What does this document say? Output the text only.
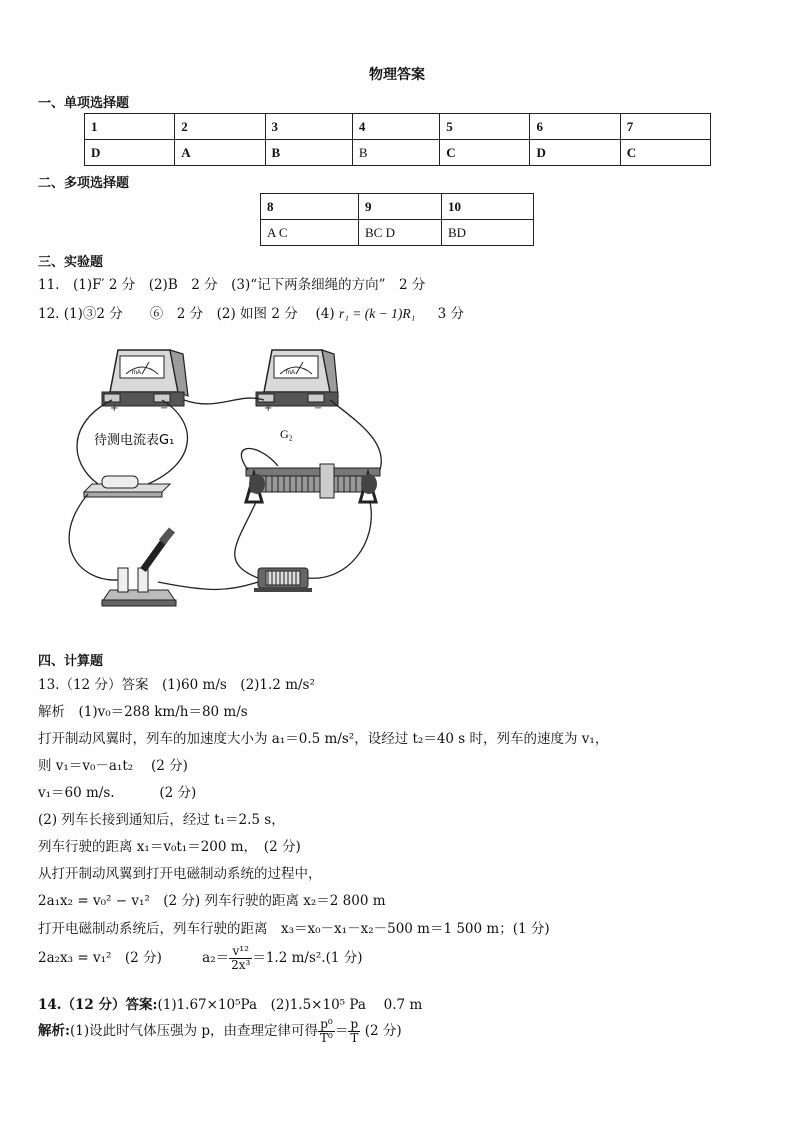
物理答案
一、单项选择题
1	2	3	4	5	6	7
D	A	B	B	C	D	C
二、多项选择题
8	9	10
A C	BC D	BD
三、实验题
11.　(1)F′ 2 分　(2)B　2 分　(3)“记下两条细绳的方向”　2 分
12. (1)③2 分　　⑥　2 分　(2) 如图 2 分　 (4) r₁ = (k − 1)R₁ 3 分
mA
+	−
mA
+	−
待测电流表G₁	G₂
四、计算题
13.（12 分）答案　(1)60 m/s　(2)1.2 m/s²
解析　(1)v₀＝288 km/h＝80 m/s
打开制动风翼时，列车的加速度大小为 a₁＝0.5 m/s²，设经过 t₂＝40 s 时，列车的速度为 v₁，
则 v₁＝v₀－a₁t₂　 (2 分)
v₁＝60 m/s.　　　 (2 分)
(2) 列车长接到通知后，经过 t₁＝2.5 s，
列车行驶的距离 x₁＝v₀t₁＝200 m，　(2 分)
从打开制动风翼到打开电磁制动系统的过程中，
2a₁x₂ = v₀² − v₁²　(2 分) 列车行驶的距离 x₂＝2 800 m
打开电磁制动系统后，列车行驶的距离　x₃＝x₀－x₁－x₂－500 m＝1 500 m；(1 分)
2a₂x₃ = v₁²　(2 分)	$a_2= \frac{\text{v¹²}}{\text{2x³}} =1.2$ m/s².(1 分)
14.（12 分）答案:(1)1.67×10⁵Pa　(2)1.5×10⁵ Pa　 0.7 m
解析:(1)设此时气体压强为 p，由查理定律可得 $\frac{\text{p⁰}}{\text{T⁰}} = \frac{p}{T} (2$ 分)
